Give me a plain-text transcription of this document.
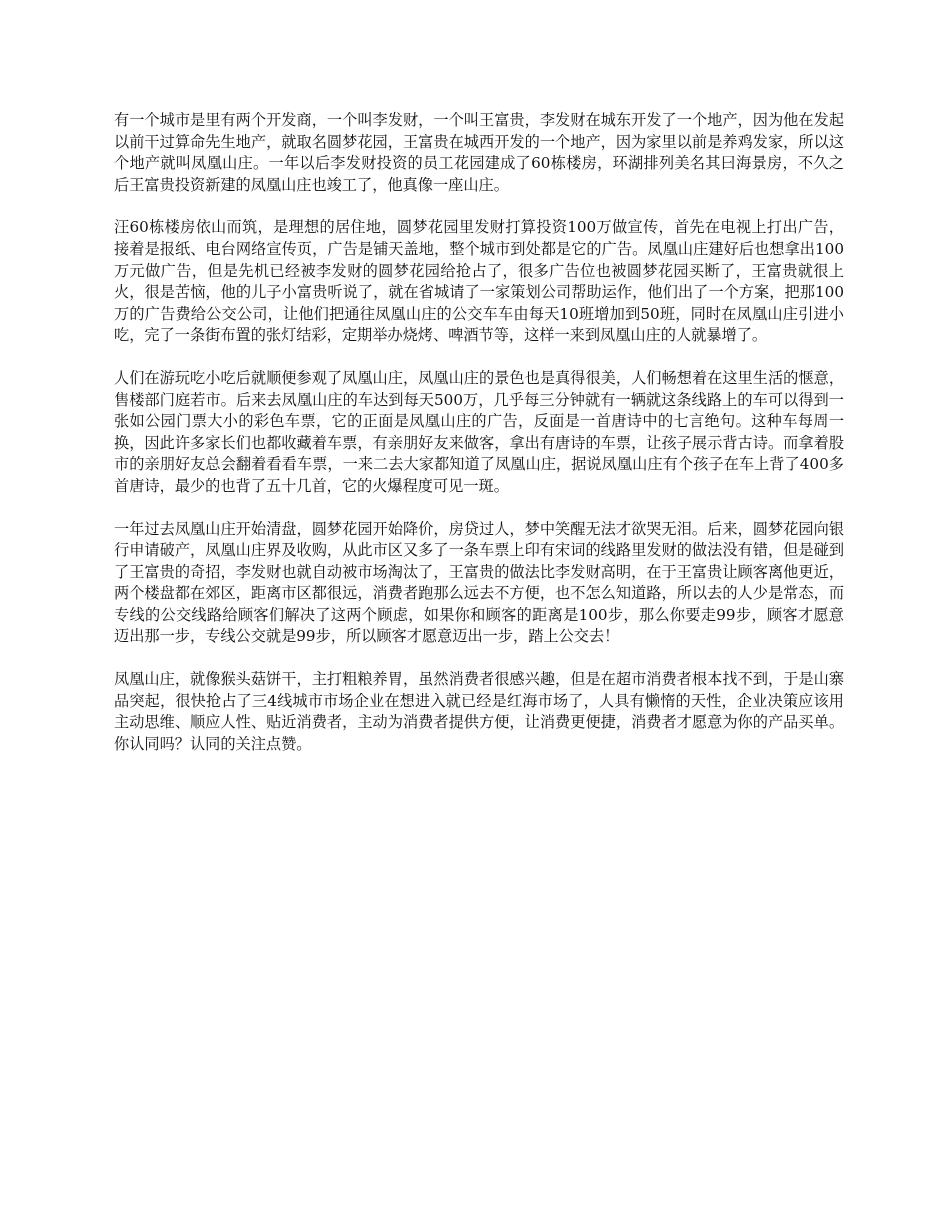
有一个城市是里有两个开发商，一个叫李发财，一个叫王富贵，李发财在城东开发了一个地产，因为他在发起以前干过算命先生地产，就取名圆梦花园，王富贵在城西开发的一个地产，因为家里以前是养鸡发家，所以这个地产就叫凤凰山庄。一年以后李发财投资的员工花园建成了60栋楼房，环湖排列美名其曰海景房，不久之后王富贵投资新建的凤凰山庄也竣工了，他真像一座山庄。

汪60栋楼房依山而筑，是理想的居住地，圆梦花园里发财打算投资100万做宣传，首先在电视上打出广告，接着是报纸、电台网络宣传页，广告是铺天盖地，整个城市到处都是它的广告。凤凰山庄建好后也想拿出100万元做广告，但是先机已经被李发财的圆梦花园给抢占了，很多广告位也被圆梦花园买断了，王富贵就很上火，很是苦恼，他的儿子小富贵听说了，就在省城请了一家策划公司帮助运作，他们出了一个方案，把那100万的广告费给公交公司，让他们把通往凤凰山庄的公交车车由每天10班增加到50班，同时在凤凰山庄引进小吃，完了一条街布置的张灯结彩，定期举办烧烤、啤酒节等，这样一来到凤凰山庄的人就暴增了。

人们在游玩吃小吃后就顺便参观了凤凰山庄，凤凰山庄的景色也是真得很美，人们畅想着在这里生活的惬意，售楼部门庭若市。后来去凤凰山庄的车达到每天500万，几乎每三分钟就有一辆就这条线路上的车可以得到一张如公园门票大小的彩色车票，它的正面是凤凰山庄的广告，反面是一首唐诗中的七言绝句。这种车每周一换，因此许多家长们也都收藏着车票，有亲朋好友来做客，拿出有唐诗的车票，让孩子展示背古诗。而拿着股市的亲朋好友总会翻着看看车票，一来二去大家都知道了凤凰山庄，据说凤凰山庄有个孩子在车上背了400多首唐诗，最少的也背了五十几首，它的火爆程度可见一斑。

一年过去凤凰山庄开始清盘，圆梦花园开始降价，房贷过人，梦中笑醒无法才欲哭无泪。后来，圆梦花园向银行申请破产，凤凰山庄界及收购，从此市区又多了一条车票上印有宋词的线路里发财的做法没有错，但是碰到了王富贵的奇招，李发财也就自动被市场淘汰了，王富贵的做法比李发财高明，在于王富贵让顾客离他更近，两个楼盘都在郊区，距离市区都很远，消费者跑那么远去不方便，也不怎么知道路，所以去的人少是常态，而专线的公交线路给顾客们解决了这两个顾虑，如果你和顾客的距离是100步，那么你要走99步，顾客才愿意迈出那一步，专线公交就是99步，所以顾客才愿意迈出一步，踏上公交去！

凤凰山庄，就像猴头菇饼干，主打粗粮养胃，虽然消费者很感兴趣，但是在超市消费者根本找不到，于是山寨品突起，很快抢占了三4线城市市场企业在想进入就已经是红海市场了，人具有懒惰的天性，企业决策应该用主动思维、顺应人性、贴近消费者，主动为消费者提供方便，让消费更便捷，消费者才愿意为你的产品买单。你认同吗？认同的关注点赞。
